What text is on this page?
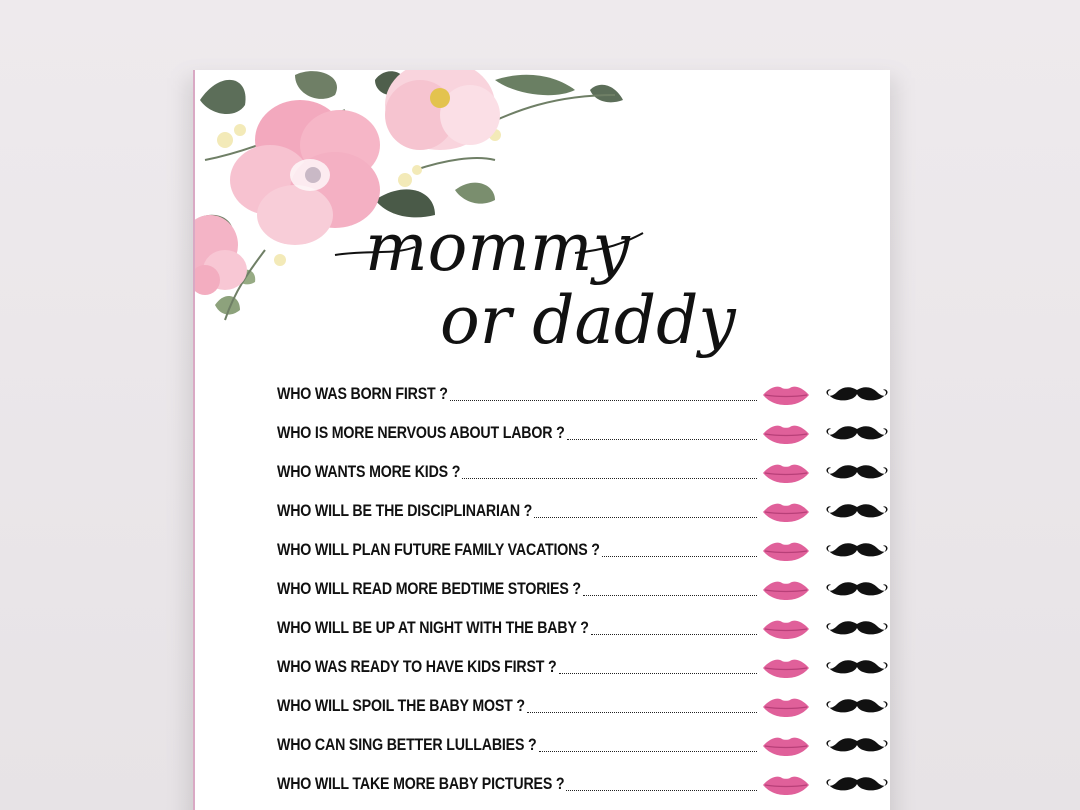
mommy
or daddy
WHO WAS BORN FIRST ?
WHO IS MORE NERVOUS ABOUT LABOR ?
WHO WANTS MORE KIDS ?
WHO WILL BE THE DISCIPLINARIAN ?
WHO WILL PLAN FUTURE FAMILY VACATIONS ?
WHO WILL READ MORE BEDTIME STORIES ?
WHO WILL BE UP AT NIGHT WITH THE BABY ?
WHO WAS READY TO HAVE KIDS FIRST ?
WHO WILL SPOIL THE BABY MOST ?
WHO CAN SING BETTER LULLABIES ?
WHO WILL TAKE MORE BABY PICTURES ?
